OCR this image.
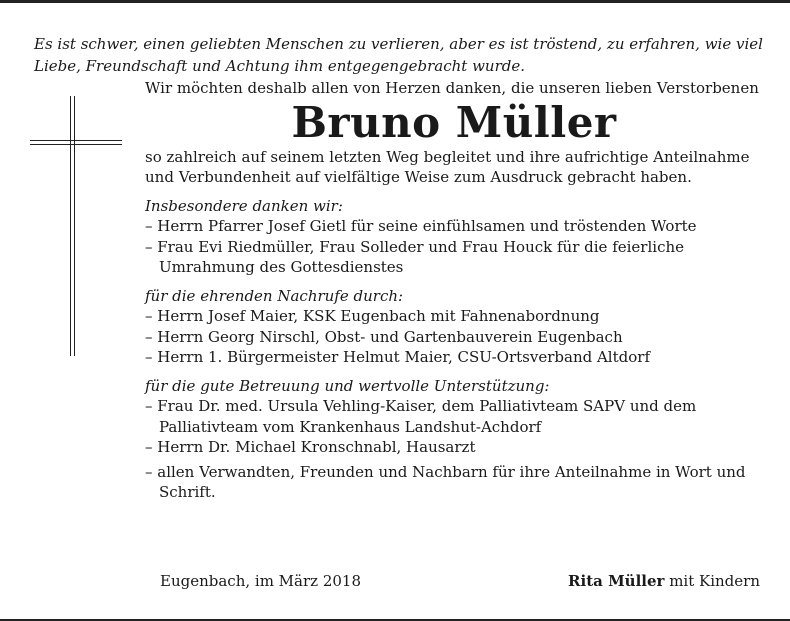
Es ist schwer, einen geliebten Menschen zu verlieren, aber es ist tröstend, zu erfahren, wie viel Liebe, Freundschaft und Achtung ihm entgegengebracht wurde.

Wir möchten deshalb allen von Herzen danken, die unseren lieben Verstorbenen

Bruno Müller

so zahlreich auf seinem letzten Weg begleitet und ihre aufrichtige Anteilnahme und Verbundenheit auf vielfältige Weise zum Ausdruck gebracht haben.

Insbesondere danken wir:

– Herrn Pfarrer Josef Gietl für seine einfühlsamen und tröstenden Worte

– Frau Evi Riedmüller, Frau Solleder und Frau Houck für die feierliche Umrahmung des Gottesdienstes

für die ehrenden Nachrufe durch:

– Herrn Josef Maier, KSK Eugenbach mit Fahnenabordnung

– Herrn Georg Nirschl, Obst- und Gartenbauverein Eugenbach

– Herrn 1. Bürgermeister Helmut Maier, CSU-Ortsverband Altdorf

für die gute Betreuung und wertvolle Unterstützung:

– Frau Dr. med. Ursula Vehling-Kaiser, dem Palliativteam SAPV und dem Palliativteam vom Krankenhaus Landshut-Achdorf

– Herrn Dr. Michael Kronschnabl, Hausarzt

– allen Verwandten, Freunden und Nachbarn für ihre Anteilnahme in Wort und Schrift.

Eugenbach, im März 2018	Rita Müller mit Kindern
